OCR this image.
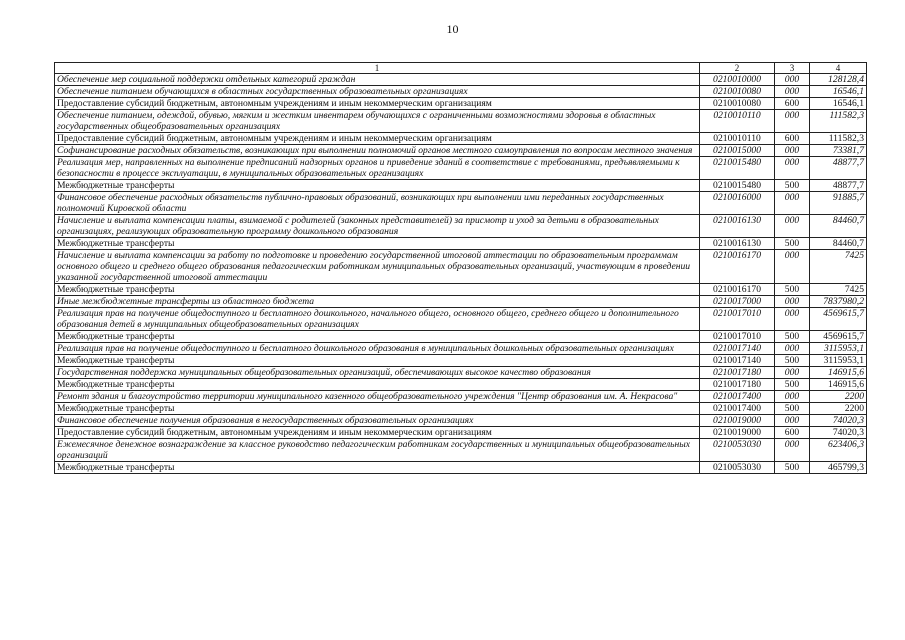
10
1	2	3	4
Обеспечение мер социальной поддержки отдельных категорий граждан	0210010000	000	128128,4
Обеспечение питанием обучающихся в областных государственных образовательных организациях	0210010080	000	16546,1
Предоставление субсидий бюджетным, автономным учреждениям и иным некоммерческим организациям	0210010080	600	16546,1
Обеспечение питанием, одеждой, обувью, мягким и жестким инвентарем обучающихся с ограниченными возможностями здоровья в областных государственных общеобразовательных организациях	0210010110	000	111582,3
Предоставление субсидий бюджетным, автономным учреждениям и иным некоммерческим организациям	0210010110	600	111582,3
Софинансирование расходных обязательств, возникающих при выполнении полномочий органов местного самоуправления по вопросам местного значения	0210015000	000	73381,7
Реализация мер, направленных на выполнение предписаний надзорных органов и приведение зданий в соответствие с требованиями, предъявляемыми к безопасности в процессе эксплуатации, в муниципальных образовательных организациях	0210015480	000	48877,7
Межбюджетные трансферты	0210015480	500	48877,7
Финансовое обеспечение расходных обязательств публично-правовых образований, возникающих при выполнении ими переданных государственных полномочий Кировской области	0210016000	000	91885,7
Начисление и выплата компенсации платы, взимаемой с родителей (законных представителей) за присмотр и уход за детьми в образовательных организациях, реализующих образовательную программу дошкольного образования	0210016130	000	84460,7
Межбюджетные трансферты	0210016130	500	84460,7
Начисление и выплата компенсации за работу по подготовке и проведению государственной итоговой аттестации по образовательным программам основного общего и среднего общего образования педагогическим работникам муниципальных образовательных организаций, участвующим в проведении указанной государственной итоговой аттестации	0210016170	000	7425
Межбюджетные трансферты	0210016170	500	7425
Иные межбюджетные трансферты из областного бюджета	0210017000	000	7837980,2
Реализация прав на получение общедоступного и бесплатного дошкольного, начального общего, основного общего, среднего общего и дополнительного образования детей в муниципальных общеобразовательных организациях	0210017010	000	4569615,7
Межбюджетные трансферты	0210017010	500	4569615,7
Реализация прав на получение общедоступного и бесплатного дошкольного образования в муниципальных дошкольных образовательных организациях	0210017140	000	3115953,1
Межбюджетные трансферты	0210017140	500	3115953,1
Государственная поддержка муниципальных общеобразовательных организаций, обеспечивающих высокое качество образования	0210017180	000	146915,6
Межбюджетные трансферты	0210017180	500	146915,6
Ремонт здания и благоустройство территории муниципального казенного общеобразовательного учреждения "Центр образования им. А. Некрасова"	0210017400	000	2200
Межбюджетные трансферты	0210017400	500	2200
Финансовое обеспечение получения образования в негосударственных образовательных организациях	0210019000	000	74020,3
Предоставление субсидий бюджетным, автономным учреждениям и иным некоммерческим организациям	0210019000	600	74020,3
Ежемесячное денежное вознаграждение за классное руководство педагогическим работникам государственных и муниципальных общеобразовательных организаций	0210053030	000	623406,3
Межбюджетные трансферты	0210053030	500	465799,3
